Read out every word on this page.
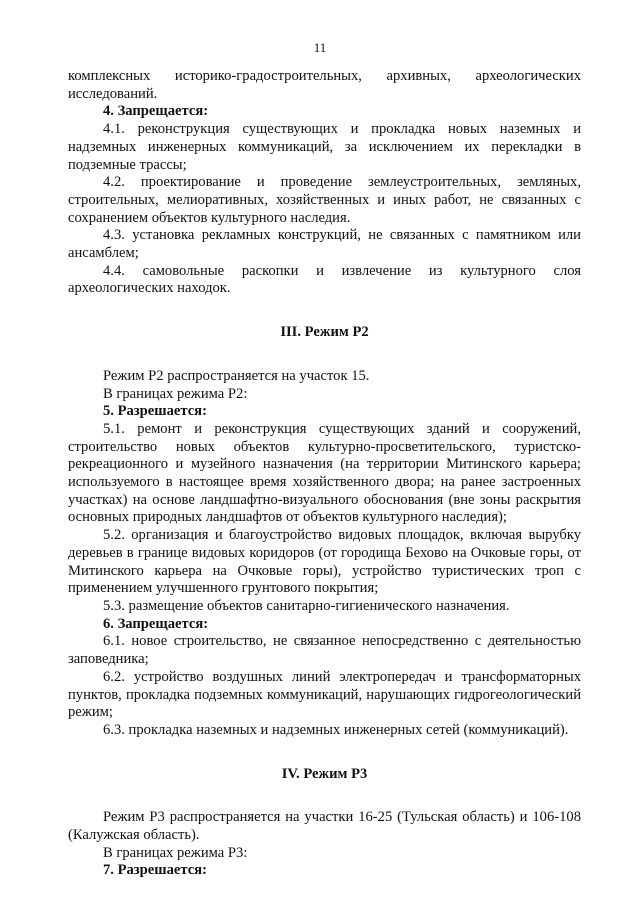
11

комплексных историко-градостроительных, архивных, археологических

исследований.

4. Запрещается:

4.1. реконструкция существующих и прокладка новых наземных и надземных инженерных коммуникаций, за исключением их перекладки в подземные трассы;

4.2. проектирование и проведение землеустроительных, земляных, строительных, мелиоративных, хозяйственных и иных работ, не связанных с сохранением объектов культурного наследия.

4.3. установка рекламных конструкций, не связанных с памятником или ансамблем;

4.4. самовольные раскопки и извлечение из культурного слоя археологических находок.

III. Режим Р2

Режим Р2 распространяется на участок 15.

В границах режима Р2:

5. Разрешается:

5.1. ремонт и реконструкция существующих зданий и сооружений, строительство новых объектов культурно-просветительского, туристско-рекреационного и музейного назначения (на территории Митинского карьера; используемого в настоящее время хозяйственного двора; на ранее застроенных участках) на основе ландшафтно-визуального обоснования (вне зоны раскрытия основных природных ландшафтов от объектов культурного наследия);

5.2. организация и благоустройство видовых площадок, включая вырубку деревьев в границе видовых коридоров (от городища Бехово на Очковые горы, от Митинского карьера на Очковые горы), устройство туристических троп с применением улучшенного грунтового покрытия;

5.3. размещение объектов санитарно-гигиенического назначения.

6. Запрещается:

6.1. новое строительство, не связанное непосредственно с деятельностью заповедника;

6.2. устройство воздушных линий электропередач и трансформаторных пунктов, прокладка подземных коммуникаций, нарушающих гидрогеологический режим;

6.3. прокладка наземных и надземных инженерных сетей (коммуникаций).

IV. Режим Р3

Режим Р3 распространяется на участки 16-25 (Тульская область) и 106-108 (Калужская область).

В границах режима Р3:

7. Разрешается:
